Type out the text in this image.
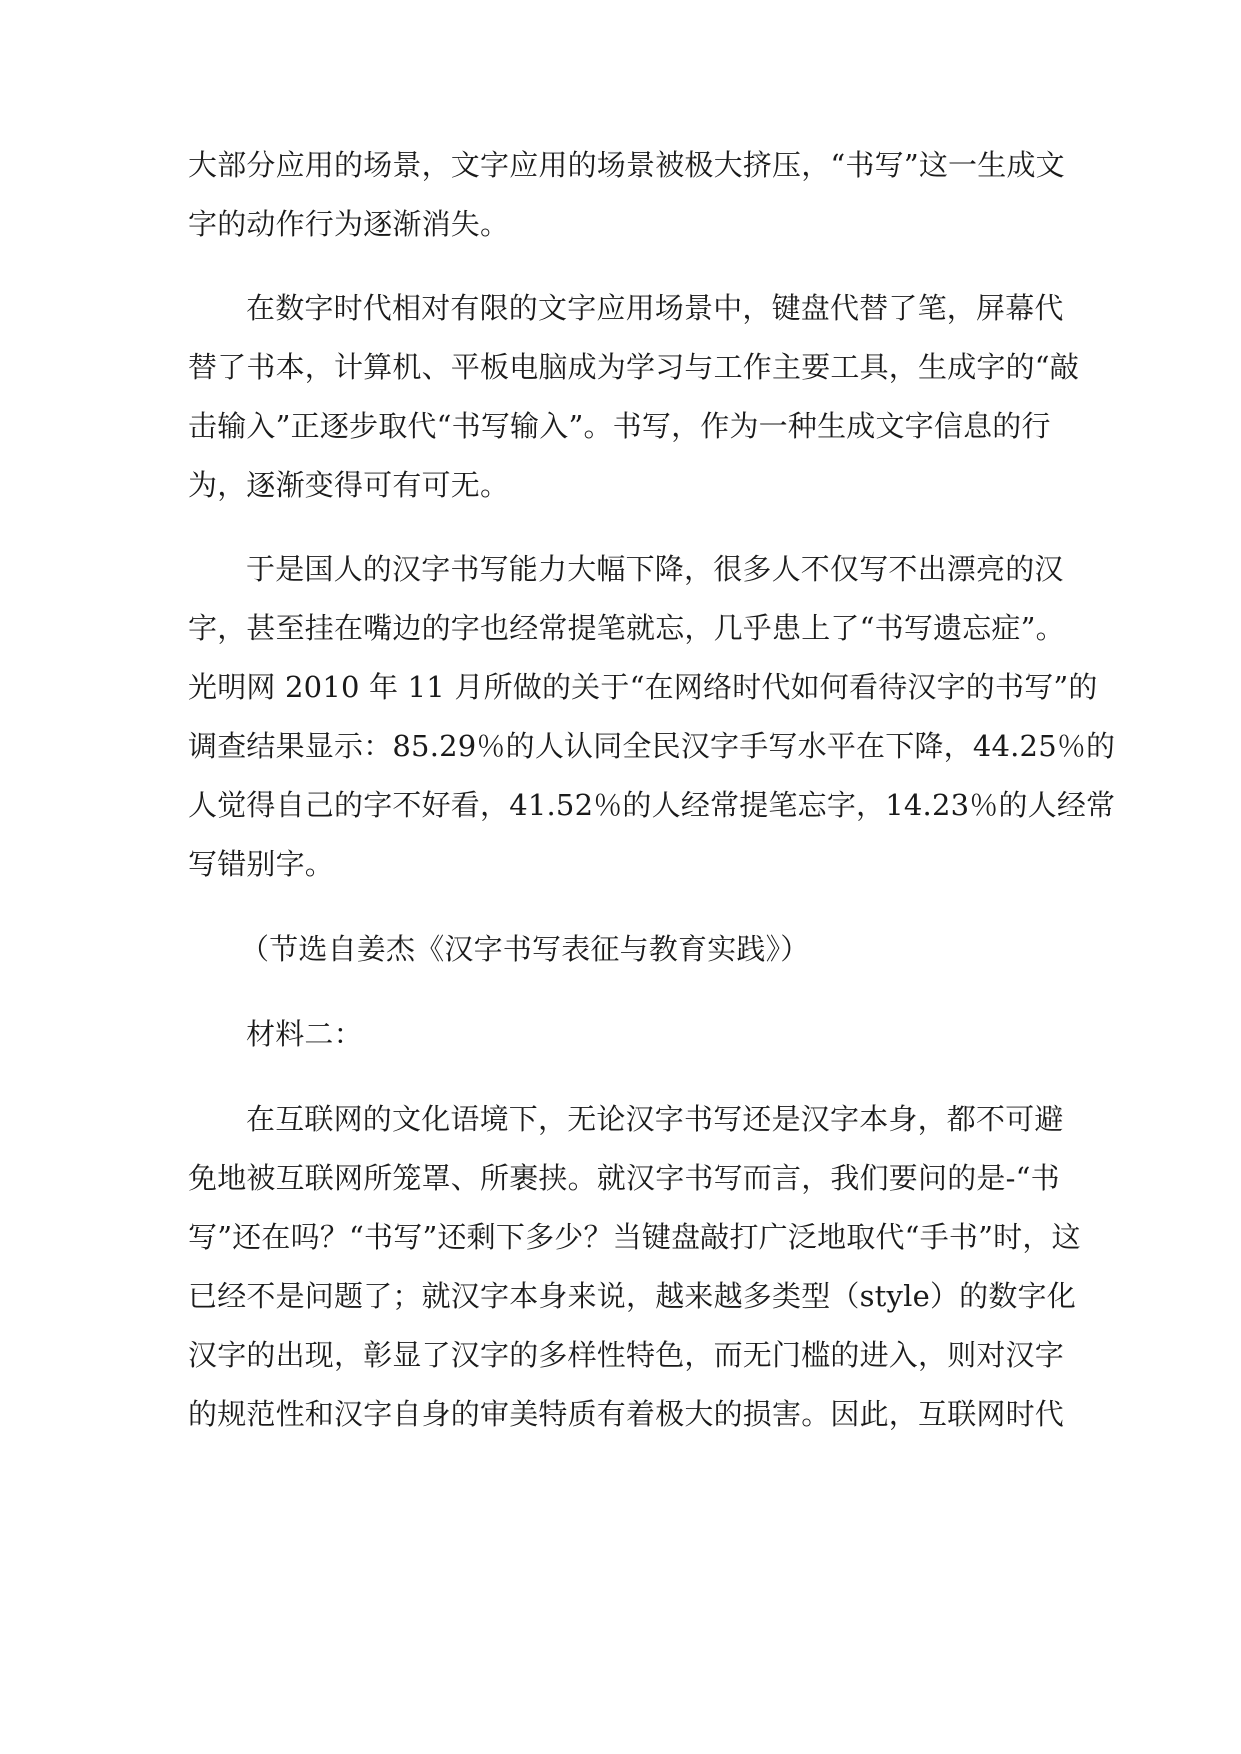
大部分应用的场景，文字应用的场景被极大挤压，“书写”这一生成文
字的动作行为逐渐消失。
在数字时代相对有限的文字应用场景中，键盘代替了笔，屏幕代
替了书本，计算机、平板电脑成为学习与工作主要工具，生成字的“敲
击输入”正逐步取代“书写输入”。书写，作为一种生成文字信息的行
为，逐渐变得可有可无。
于是国人的汉字书写能力大幅下降，很多人不仅写不出漂亮的汉
字，甚至挂在嘴边的字也经常提笔就忘，几乎患上了“书写遗忘症”。
光明网 2010 年 11 月所做的关于“在网络时代如何看待汉字的书写”的
调查结果显示：85.29％的人认同全民汉字手写水平在下降，44.25％的
人觉得自己的字不好看，41.52％的人经常提笔忘字，14.23％的人经常
写错别字。
（节选自姜杰《汉字书写表征与教育实践》）
材料二：
在互联网的文化语境下，无论汉字书写还是汉字本身，都不可避
免地被互联网所笼罩、所裹挟。就汉字书写而言，我们要问的是-“书
写”还在吗？“书写”还剩下多少？当键盘敲打广泛地取代“手书”时，这
已经不是问题了；就汉字本身来说，越来越多类型（style）的数字化
汉字的出现，彰显了汉字的多样性特色，而无门槛的进入，则对汉字
的规范性和汉字自身的审美特质有着极大的损害。因此，互联网时代
